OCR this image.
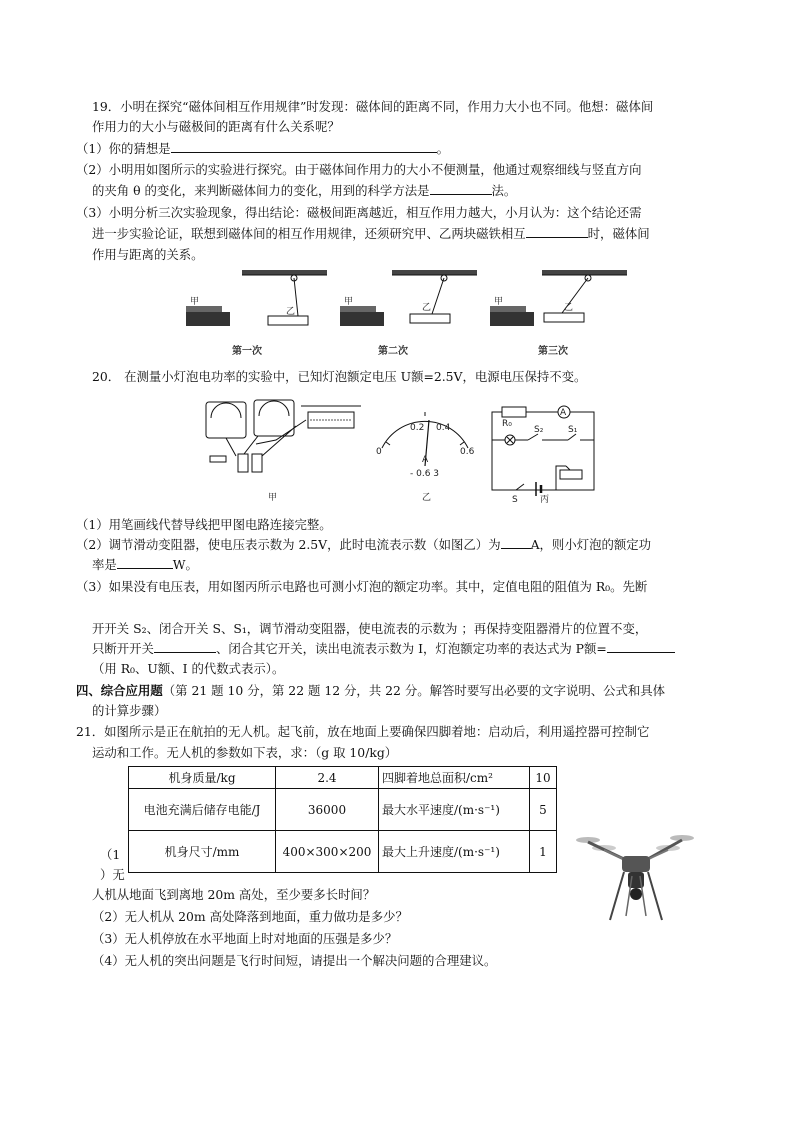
19．小明在探究“磁体间相互作用规律”时发现：磁体间的距离不同，作用力大小也不同。他想：磁体间
作用力的大小与磁极间的距离有什么关系呢？
（1）你的猜想是	。
（2）小明用如图所示的实验进行探究。由于磁体间作用力的大小不便测量，他通过观察细线与竖直方向
的夹角 θ 的变化，来判断磁体间力的变化，用到的科学方法是	法。
（3）小明分析三次实验现象，得出结论：磁极间距离越近，相互作用力越大，小月认为：这个结论还需
进一步实验论证，联想到磁体间的相互作用规律，还须研究甲、乙两块磁铁相互	时，磁体间
作用与距离的关系。
甲
乙
甲
乙
甲
乙
第一次	第二次	第三次
20． 在测量小灯泡电功率的实验中，已知灯泡额定电压 U额=2.5V，电源电压保持不变。
甲
0.2 0.4
0	0.6
A
- 0.6 3
乙
R₀
A
S₂	S₁
S 丙
（1）用笔画线代替导线把甲图电路连接完整。
（2）调节滑动变阻器，使电压表示数为 2.5V，此时电流表示数（如图乙）为 A，则小灯泡的额定功
率是	W。
（3）如果没有电压表，用如图丙所示电路也可测小灯泡的额定功率。其中，定值电阻的阻值为 R₀。先断
开开关 S₂、闭合开关 S、S₁，调节滑动变阻器，使电流表的示数为 ；再保持变阻器滑片的位置不变，
只断开开关	、闭合其它开关，读出电流表示数为 I，灯泡额定功率的表达式为 P额=
（用 R₀、U额、I 的代数式表示）。
四、综合应用题（第 21 题 10 分，第 22 题 12 分，共 22 分。解答时要写出必要的文字说明、公式和具体
的计算步骤）
21．如图所示是正在航拍的无人机。起飞前，放在地面上要确保四脚着地：启动后，利用遥控器可控制它
运动和工作。无人机的参数如下表，求：（g 取 10/kg）
机身质量/kg	2.4	四脚着地总面积/cm²	10
电池充满后储存电能/J	36000	最大水平速度/(m·s⁻¹)	5
机身尺寸/mm	400×300×200	最大上升速度/(m·s⁻¹)	1
（1
）无
人机从地面飞到离地 20m 高处，至少要多长时间？
（2）无人机从 20m 高处降落到地面，重力做功是多少？
（3）无人机停放在水平地面上时对地面的压强是多少？
（4）无人机的突出问题是飞行时间短，请提出一个解决问题的合理建议。
